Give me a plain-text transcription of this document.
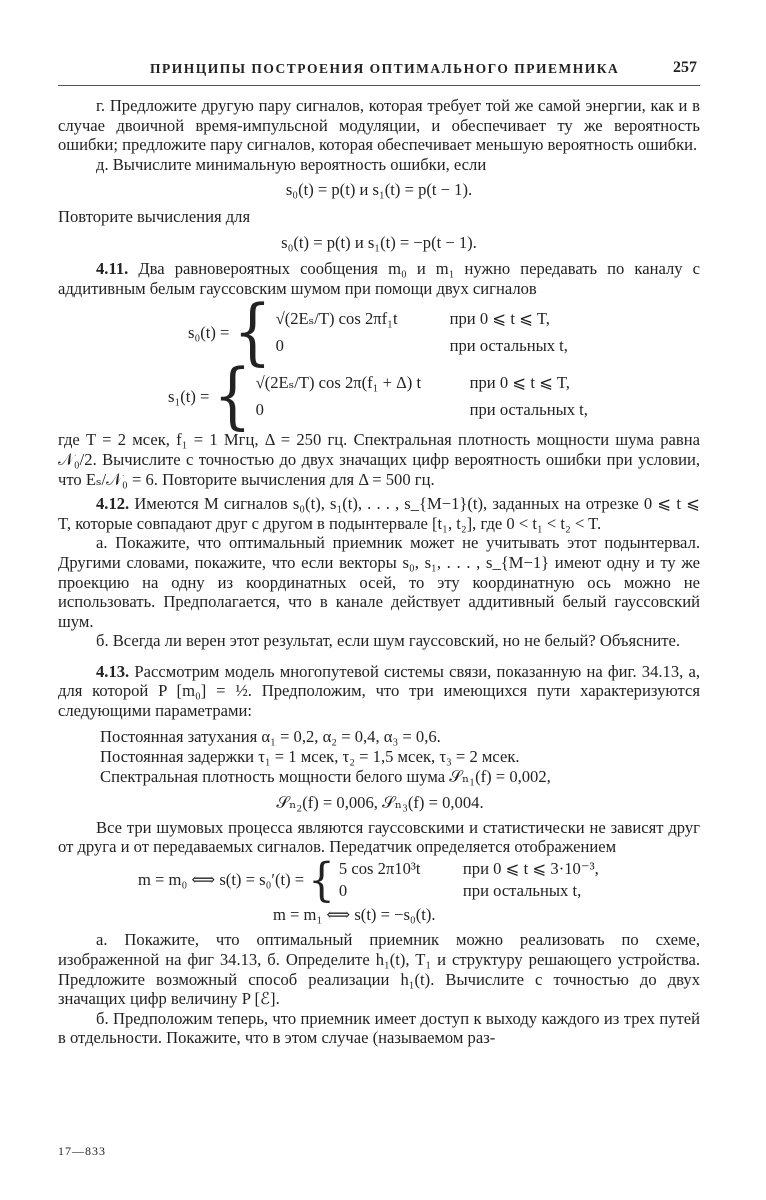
ПРИНЦИПЫ ПОСТРОЕНИЯ ОПТИМАЛЬНОГО ПРИЕМНИКА	257

г. Предложите другую пару сигналов, которая требует той же самой энергии, как и в случае двоичной время-импульсной модуляции, и обеспечивает ту же вероятность ошибки; предложите пару сигналов, которая обеспечивает меньшую вероятность ошибки.

д. Вычислите минимальную вероятность ошибки, если

s₀(t) = p(t) и s₁(t) = p(t − 1).

Повторите вычисления для

s₀(t) = p(t) и s₁(t) = −p(t − 1).

4.11. Два равновероятных сообщения m₀ и m₁ нужно передавать по каналу с аддитивным белым гауссовским шумом при помощи двух сигналов

s₀(t) = { √(2Eₛ/T) cos 2πf₁t	при 0 ⩽ t ⩽ T,
0	при остальных t,
s₁(t) = { √(2Eₛ/T) cos 2π(f₁ + Δ) t	при 0 ⩽ t ⩽ T,
0	при остальных t,

где T = 2 мсек, f₁ = 1 Мгц, Δ = 250 гц. Спектральная плотность мощности шума равна 𝒩₀/2. Вычислите с точностью до двух значащих цифр вероятность ошибки при условии, что Eₛ/𝒩₀ = 6. Повторите вычисления для Δ = 500 гц.

4.12. Имеются M сигналов s₀(t), s₁(t), . . . , s_{M−1}(t), заданных на отрезке 0 ⩽ t ⩽ T, которые совпадают друг с другом в подынтервале [t₁, t₂], где 0 < t₁ < t₂ < T.

а. Покажите, что оптимальный приемник может не учитывать этот подынтервал. Другими словами, покажите, что если векторы s₀, s₁, . . . , s_{M−1} имеют одну и ту же проекцию на одну из координатных осей, то эту координатную ось можно не использовать. Предполагается, что в канале действует аддитивный белый гауссовский шум.

б. Всегда ли верен этот результат, если шум гауссовский, но не белый? Объясните.

4.13. Рассмотрим модель многопутевой системы связи, показанную на фиг. 34.13, а, для которой P [m₀] = ½. Предположим, что три имеющихся пути характеризуются следующими параметрами:

Постоянная затухания α₁ = 0,2, α₂ = 0,4, α₃ = 0,6.
Постоянная задержки τ₁ = 1 мсек, τ₂ = 1,5 мсек, τ₃ = 2 мсек.
Спектральная плотность мощности белого шума 𝒮ₙ₁(f) = 0,002,
𝒮ₙ₂(f) = 0,006, 𝒮ₙ₃(f) = 0,004.

Все три шумовых процесса являются гауссовскими и статистически не зависят друг от друга и от передаваемых сигналов. Передатчик определяется отображением

m = m₀ ⟺ s(t) = s₀′(t) = { 5 cos 2π10³t	при 0 ⩽ t ⩽ 3·10⁻³,
0	при остальных t,
m = m₁ ⟺ s(t) = −s₀(t).

а. Покажите, что оптимальный приемник можно реализовать по схеме, изображенной на фиг 34.13, б. Определите h₁(t), T₁ и структуру решающего устройства. Предложите возможный способ реализации h₁(t). Вычислите с точностью до двух значащих цифр величину P [ℰ].

б. Предположим теперь, что приемник имеет доступ к выходу каждого из трех путей в отдельности. Покажите, что в этом случае (называемом раз-

17—833
